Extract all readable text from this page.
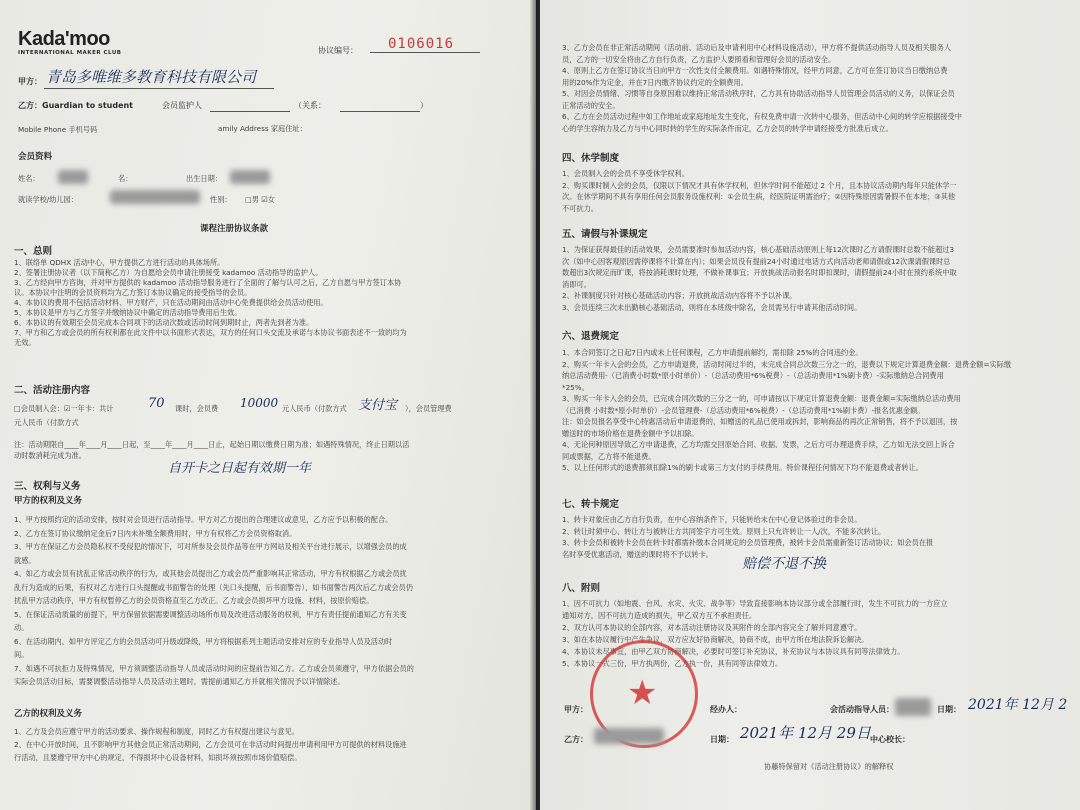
Kada'moo
INTERNATIONAL MAKER CLUB	协议编号： 0106016
甲方： 青岛多唯维多教育科技有限公司
乙方：Guardian to student	会员监护人	（关系：	）
Mobile Phone 手机号码	amily Address 家庭住址：
会员资料
姓名：	名：	出生日期：
就读学校/幼儿园：	性别： □男 ☑女
课程注册协议条款
一、总则
1、联络单 QDHX 活动中心，甲方提供乙方进行活动的具体场所。
2、签署注册协议者（以下简称乙方）为自愿给会员申请注册接受 kadamoo 活动指导的监护人。
3、乙方经向甲方咨询，并对甲方提供的 kadamoo 活动指导服务进行了全面的了解与认可之后，乙方自愿与甲方签订本协
议。本协议中注明的会员资料均为乙方签订本协议确定的接受指导的会员。
4、本协议的费用不包括活动材料、甲方财产，只在活动期间由活动中心免费提供给会员活动使用。
5、本协议是甲方与乙方签字并缴纳协议中确定的活动指导费用后生效。
6、本协议的有效期至会员完成本合同项下的活动次数或活动时间到期时止，两者先到者为准。
7、甲方和乙方或会员的所有权利都在此文件中以书面形式表达，双方的任何口头交流及承诺与本协议书面表述不一致的均为
无效。
二、活动注册内容
□会员制入会：☑一年卡：共计	70 课时，会员费 10000 元人民币（付款方式 支付宝 ），会员管理费
元人民币（付款方式
注：活动期限自____年____月____日起，至____年____月____日止，起始日期以缴费日期为准；如遇特殊情况，终止日期以活
动时数消耗完成为准。
自开卡之日起有效期一年
三、权利与义务
甲方的权利及义务
1、甲方按照约定的活动安排，按时对会员进行活动指导。甲方对乙方提出的合理建议或意见，乙方应予以积极的配合。
2、乙方在签订协议缴纳定金后7日内未补缴全额费用时，甲方有权将乙方会员资格取消。
3、甲方在保证乙方会员隐私权不受侵犯的情况下，可对所参及会员作品等在甲方网站及相关平台进行展示，以增强会员的成
就感。
4、如乙方或会员有扰乱正常活动秩序的行为，或其他会员提出乙方或会员严重影响其正常活动，甲方有权根据乙方或会员扰
乱行为造成的后果，有权对乙方进行口头提醒或书面警告的处理（先口头提醒，后书面警告），如书面警告两次后乙方或会员仍
扰乱甲方活动秩序，甲方有权暂停乙方的会员资格直至乙方改正。乙方或会员损坏甲方设施、材料，按原价赔偿。
5、在保证活动质量的前提下，甲方保留依据需要调整活动场所布局及改进活动服务的权利，甲方有责任提前通知乙方有关变
动。
6、在活动期内，如甲方评定乙方的会员活动可升级或降级，甲方将根据系列主题活动安排对应的专业指导人员及活动时
间。
7、如遇不可抗拒力及特殊情况，甲方须调整活动指导人员或活动时间的应提前告知乙方。乙方或会员须遵守，甲方依据会员的
实际会员活动目标，需要调整活动指导人员及活动主题时，需提前通知乙方并就相关情况予以详情除述。
乙方的权利及义务
1、乙方及会员应遵守甲方的活动要求、操作规程和制度，同时乙方有权提出建议与意见。
2、在中心开放时间，且不影响甲方其他会员正常活动期间，乙方会员可在非活动时间提出申请利用甲方可提供的材料设施进
行活动，且要遵守甲方中心的规定，不得损坏中心设备材料，如损坏须按照市场价值赔偿。
3、乙方会员在非正常活动期间（活动前、活动后及申请利用中心材料设施活动），甲方将不提供活动指导人员及相关服务人
员，乙方的一切安全将由乙方自行负责，乙方监护人要照看和管理好会员的活动安全。
4、原则上乙方在签订协议当日向甲方一次性支付全额费用。如遇特殊情况，经甲方同意，乙方可在签订协议当日缴纳总费
用的20%作为定金，并在7日内缴齐协议约定的全额费用。
5、对因会员情绪、习惯等自身原因难以维持正常活动秩序时，乙方具有协助活动指导人员管理会员活动的义务，以保证会员
正常活动的安全。
6、乙方在会员活动过程中如工作地址或家庭地址发生变化，有权免费申请一次转中心服务，但活动中心间的转学应根据接受中
心的学生容纳力及乙方与中心同时转的学生的实际条件而定，乙方会员的转学申请经接受方批准后成立。
四、休学制度
1、会员制入会的会员不享受休学权利。
2、购买课时制入会的会员，仅限以下情况才具有休学权利，但休学时间不能超过 2 个月，且本协议活动期内每年只能休学一
次。在休学期间不具有享用任何会员服务设施权利：①会员生病，经医院证明需治疗；②因特殊原因需暑假不在本地；③其他
不可抗力。
五、请假与补课规定
1、为保证获得最佳的活动效果，会员需要准时参加活动内容，核心基础活动原则上每12次课时乙方请假课时总数不能超过3
次（如中心因客观原因需停课将不计算在内）；如果会员没有提前24小时通过电话方式向活动老师请假或12次课请假课时总
数超出3次规定而旷课，将按消耗课时处理，不做补课事宜；开放挑战活动报名时即扣课时，请假提前24小时在预约系统中取
消即可。
2、补课制度只针对核心基础活动内容；开放挑战活动内容将不予以补课。
3、会员连续三次未出勤核心基础活动，则将在本班级中除名，会员需另行申请其他活动时间。
六、退费规定
1、本合同签订之日起7日内或未上任何课程，乙方申请提前解约，需扣除 25%的合同违约金。
2、购买一年卡入会的会员，乙方申请退费，活动时间过半的，未完成合同总次数三分之一的，退费以下规定计算退费金额：退费金额=实际缴
纳总活动费用-（已消费小时数*原小时单价）-（总活动费用*6%税费）-（总活动费用*1%刷卡费）-实际缴纳总合同费用
*25%。
3、购买一年卡入会的会员，已完成合同次数的三分之一的，可申请按以下规定计算退费金额：退费金额=实际缴纳总活动费用
（已消费 小时数*原小时单价）-会员管理费-（总活动费用*6%税费）-（总活动费用*1%刷卡费）-报名优惠金额。
注：如会员报名享受中心特惠活动后申请退费的，如赠送的礼品已使用或拆封，影响商品的再次正常销售，将不予以退回，按
赠送时的市场价格在退费金额中予以扣除。
4、无论何种原因导致乙方申请退费，乙方均需交回原始合同、收据、发票，之后方可办理退费手续，乙方如无法交回上诉合
同或票据，乙方将不能退费。
5、以上任何形式的退费都须扣除1%的刷卡或第三方支付的手续费用。特价课程任何情况下均不能退费或者转让。
七、转卡规定
1、转卡对象应由乙方自行负责，在中心容纳条件下，只能转给未在中心登记体验过的非会员。
2、转让时须中心、转让方与被转让方共同签字方可生效。原则上只允许转让一人/次，不能多次转让。
3、转卡会员和被转卡会员在转卡时都需补缴本合同规定的会员管理费，被转卡会员需重新签订活动协议；如会员在报
名时享受优惠活动，赠送的课时将不予以转卡。
赔偿不退不换
八、附则
1、因不可抗力（如地震、台风、水灾、火灾、战争等）导致直接影响本协议部分或全部履行时，发生不可抗力的一方应立
通知对方，因不可抗力造成的损失，甲乙双方互不承担责任。
2、双方认可本协议的全部内容，对本活动注册协议及其附件的全部内容完全了解并同意遵守。
3、如在本协议履行中产生争议，双方应友好协商解决，协商不成，由甲方所在地法院诉讼解决。
4、本协议未尽事宜，由甲乙双方协商解决，必要时可签订补充协议，补充协议与本协议具有同等法律效力。
5、本协议一式三份，甲方执两份，乙方执一份，具有同等法律效力。
★
甲方：	经办人：	会活动指导人员：	日期： 2021年 12月 2
乙方：	日期： 2021年 12月 29日 中心校长：
协藤特保留对《活动注册协议》的解释权
